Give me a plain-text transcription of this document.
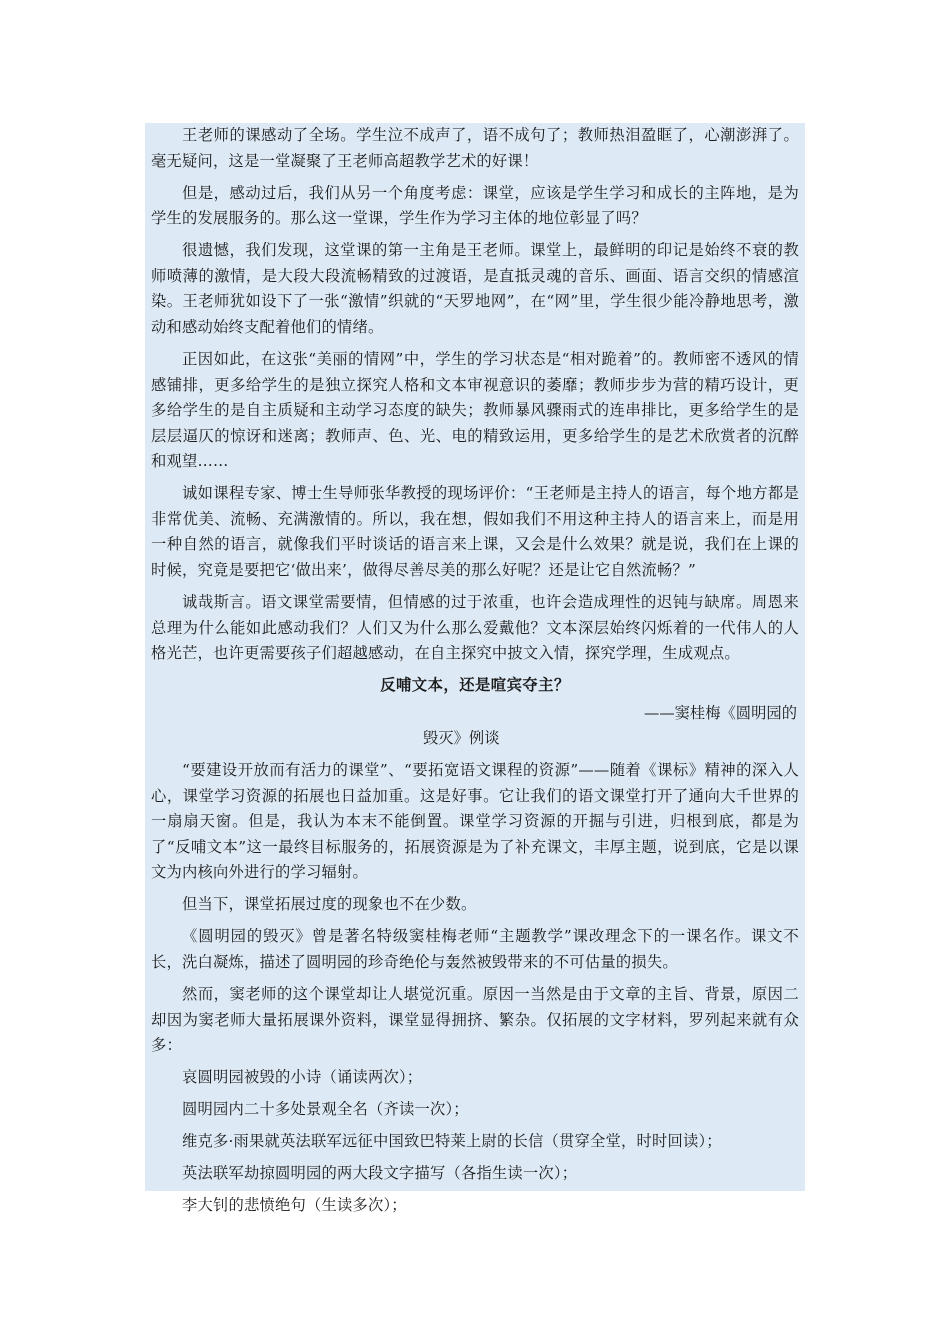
王老师的课感动了全场。学生泣不成声了，语不成句了；教师热泪盈眶了，心潮澎湃了。毫无疑问，这是一堂凝聚了王老师高超教学艺术的好课！

但是，感动过后，我们从另一个角度考虑：课堂，应该是学生学习和成长的主阵地，是为学生的发展服务的。那么这一堂课，学生作为学习主体的地位彰显了吗？

很遗憾，我们发现，这堂课的第一主角是王老师。课堂上，最鲜明的印记是始终不衰的教师喷薄的激情，是大段大段流畅精致的过渡语，是直抵灵魂的音乐、画面、语言交织的情感渲染。王老师犹如设下了一张“激情”织就的“天罗地网”，在“网”里，学生很少能冷静地思考，激动和感动始终支配着他们的情绪。

正因如此，在这张“美丽的情网”中，学生的学习状态是“相对跪着”的。教师密不透风的情感铺排，更多给学生的是独立探究人格和文本审视意识的萎靡；教师步步为营的精巧设计，更多给学生的是自主质疑和主动学习态度的缺失；教师暴风骤雨式的连串排比，更多给学生的是层层逼仄的惊讶和迷离；教师声、色、光、电的精致运用，更多给学生的是艺术欣赏者的沉醉和观望……

诚如课程专家、博士生导师张华教授的现场评价：“王老师是主持人的语言，每个地方都是非常优美、流畅、充满激情的。所以，我在想，假如我们不用这种主持人的语言来上，而是用一种自然的语言，就像我们平时谈话的语言来上课，又会是什么效果？就是说，我们在上课的时候，究竟是要把它‘做出来’，做得尽善尽美的那么好呢？还是让它自然流畅？”

诚哉斯言。语文课堂需要情，但情感的过于浓重，也许会造成理性的迟钝与缺席。周恩来总理为什么能如此感动我们？人们又为什么那么爱戴他？文本深层始终闪烁着的一代伟人的人格光芒，也许更需要孩子们超越感动，在自主探究中披文入情，探究学理，生成观点。

反哺文本，还是喧宾夺主？
——窦桂梅《圆明园的
毁灭》例谈

“要建设开放而有活力的课堂”、“要拓宽语文课程的资源”——随着《课标》精神的深入人心，课堂学习资源的拓展也日益加重。这是好事。它让我们的语文课堂打开了通向大千世界的一扇扇天窗。但是，我认为本末不能倒置。课堂学习资源的开掘与引进，归根到底，都是为了“反哺文本”这一最终目标服务的，拓展资源是为了补充课文，丰厚主题，说到底，它是以课文为内核向外进行的学习辐射。

但当下，课堂拓展过度的现象也不在少数。

《圆明园的毁灭》曾是著名特级窦桂梅老师“主题教学”课改理念下的一课名作。课文不长，洗白凝炼，描述了圆明园的珍奇绝伦与轰然被毁带来的不可估量的损失。

然而，窦老师的这个课堂却让人堪觉沉重。原因一当然是由于文章的主旨、背景，原因二却因为窦老师大量拓展课外资料，课堂显得拥挤、繁杂。仅拓展的文字材料，罗列起来就有众多：

哀圆明园被毁的小诗（诵读两次）；

圆明园内二十多处景观全名（齐读一次）；

维克多·雨果就英法联军远征中国致巴特莱上尉的长信（贯穿全堂，时时回读）；

英法联军劫掠圆明园的两大段文字描写（各指生读一次）；

李大钊的悲愤绝句（生读多次）；
